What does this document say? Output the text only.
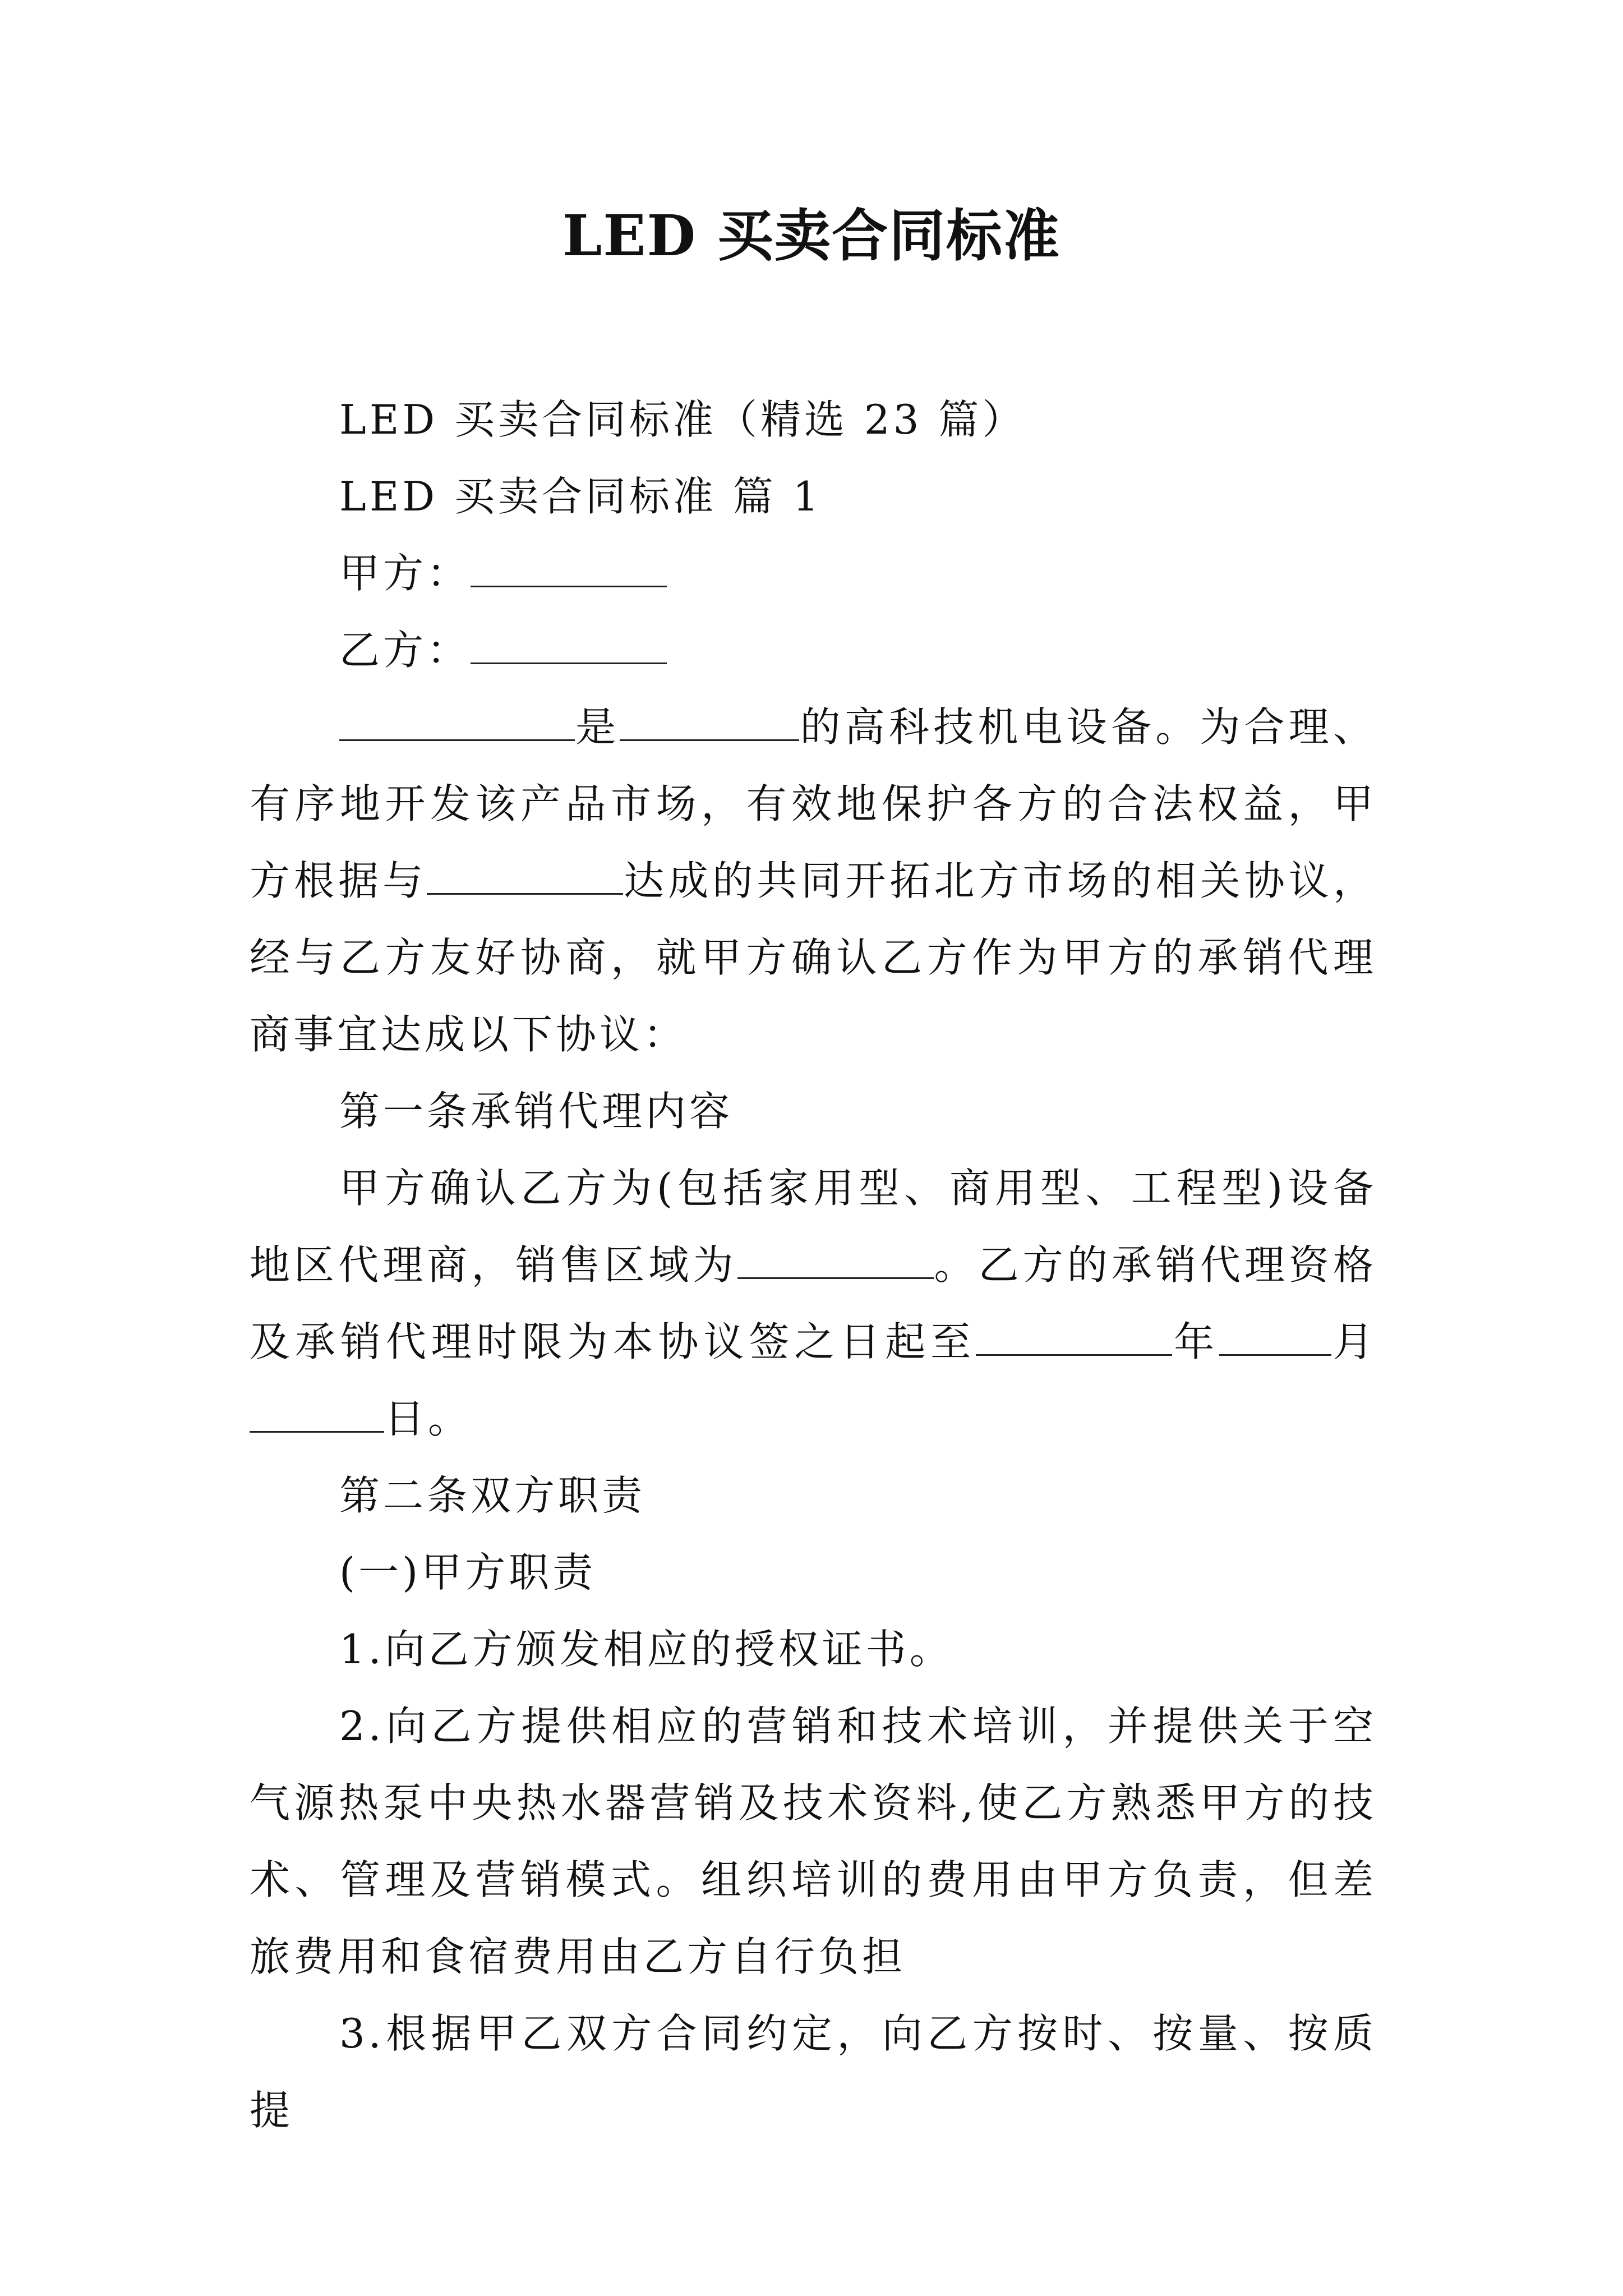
LED 买卖合同标准

LED 买卖合同标准（精选 23 篇）

LED 买卖合同标准 篇 1

甲方：

乙方：

是	的高科技机电设备。为合理、有序地开发该产品市场，有效地保护各方的合法权益，甲方根据与	达成的共同开拓北方市场的相关协议，经与乙方友好协商，就甲方确认乙方作为甲方的承销代理商事宜达成以下协议：

第一条承销代理内容

甲方确认乙方为(包括家用型、商用型、工程型)设备地区代理商，销售区域为	。乙方的承销代理资格及承销代理时限为本协议签之日起至	年	月日。

第二条双方职责

(一)甲方职责

1.向乙方颁发相应的授权证书。

2.向乙方提供相应的营销和技术培训，并提供关于空气源热泵中央热水器营销及技术资料,使乙方熟悉甲方的技术、管理及营销模式。组织培训的费用由甲方负责，但差旅费用和食宿费用由乙方自行负担

3.根据甲乙双方合同约定，向乙方按时、按量、按质提
